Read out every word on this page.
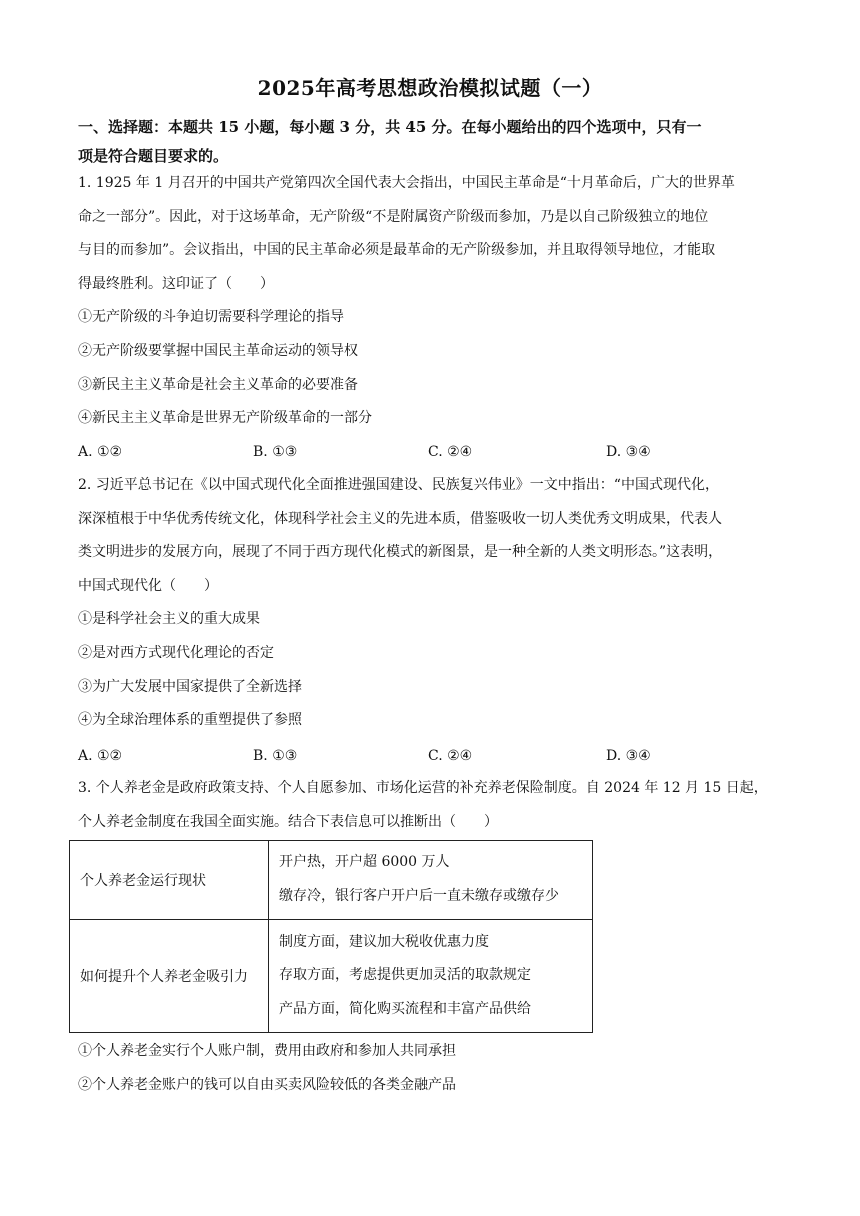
2025年高考思想政治模拟试题（一）

一、选择题：本题共 15 小题，每小题 3 分，共 45 分。在每小题给出的四个选项中，只有一

项是符合题目要求的。

1. 1925 年 1 月召开的中国共产党第四次全国代表大会指出，中国民主革命是“十月革命后，广大的世界革

命之一部分”。因此，对于这场革命，无产阶级“不是附属资产阶级而参加，乃是以自己阶级独立的地位

与目的而参加”。会议指出，中国的民主革命必须是最革命的无产阶级参加，并且取得领导地位，才能取

得最终胜利。这印证了（　　）

①无产阶级的斗争迫切需要科学理论的指导

②无产阶级要掌握中国民主革命运动的领导权

③新民主主义革命是社会主义革命的必要准备

④新民主主义革命是世界无产阶级革命的一部分

A. ①②	B. ①③	C. ②④	D. ③④

2. 习近平总书记在《以中国式现代化全面推进强国建设、民族复兴伟业》一文中指出：“中国式现代化，

深深植根于中华优秀传统文化，体现科学社会主义的先进本质，借鉴吸收一切人类优秀文明成果，代表人

类文明进步的发展方向，展现了不同于西方现代化模式的新图景，是一种全新的人类文明形态。”这表明，

中国式现代化（　　）

①是科学社会主义的重大成果

②是对西方式现代化理论的否定

③为广大发展中国家提供了全新选择

④为全球治理体系的重塑提供了参照

A. ①②	B. ①③	C. ②④	D. ③④

3. 个人养老金是政府政策支持、个人自愿参加、市场化运营的补充养老保险制度。自 2024 年 12 月 15 日起，

个人养老金制度在我国全面实施。结合下表信息可以推断出（　　）

个人养老金运行现状	开户热，开户超 6000 万人
缴存冷，银行客户开户后一直未缴存或缴存少

如何提升个人养老金吸引力	制度方面，建议加大税收优惠力度
存取方面，考虑提供更加灵活的取款规定
产品方面，简化购买流程和丰富产品供给

①个人养老金实行个人账户制，费用由政府和参加人共同承担

②个人养老金账户的钱可以自由买卖风险较低的各类金融产品
